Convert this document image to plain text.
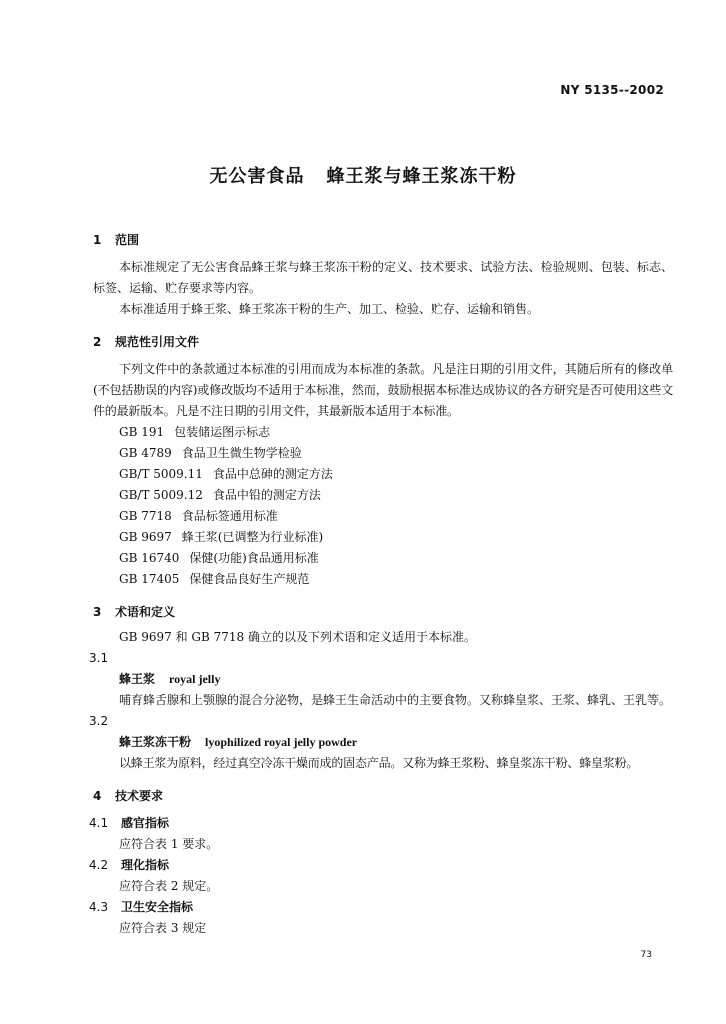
NY 5135--2002
无公害食品 蜂王浆与蜂王浆冻干粉
1 范围

本标准规定了无公害食品蜂王浆与蜂王浆冻干粉的定义、技术要求、试验方法、检验规则、包装、标志、标签、运输、贮存要求等内容。

本标准适用于蜂王浆、蜂王浆冻干粉的生产、加工、检验、贮存、运输和销售。

2 规范性引用文件

下列文件中的条款通过本标准的引用而成为本标准的条款。凡是注日期的引用文件，其随后所有的修改单(不包括勘误的内容)或修改版均不适用于本标准，然而，鼓励根据本标准达成协议的各方研究是否可使用这些文件的最新版本。凡是不注日期的引用文件，其最新版本适用于本标准。

GB 191 包装储运图示标志
GB 4789 食品卫生微生物学检验
GB/T 5009.11 食品中总砷的测定方法
GB/T 5009.12 食品中铅的测定方法
GB 7718 食品标签通用标准
GB 9697 蜂王浆(已调整为行业标准)
GB 16740 保健(功能)食品通用标准
GB 17405 保健食品良好生产规范
3 术语和定义

GB 9697 和 GB 7718 确立的以及下列术语和定义适用于本标准。

3.1
蜂王浆 royal jelly

哺育蜂舌腺和上颚腺的混合分泌物，是蜂王生命活动中的主要食物。又称蜂皇浆、王浆、蜂乳、王乳等。

3.2
蜂王浆冻干粉 lyophilized royal jelly powder

以蜂王浆为原料，经过真空冷冻干燥而成的固态产品。又称为蜂王浆粉、蜂皇浆冻干粉、蜂皇浆粉。

4 技术要求
4.1 感官指标
应符合表 1 要求。
4.2 理化指标
应符合表 2 规定。
4.3 卫生安全指标
应符合表 3 规定
73
